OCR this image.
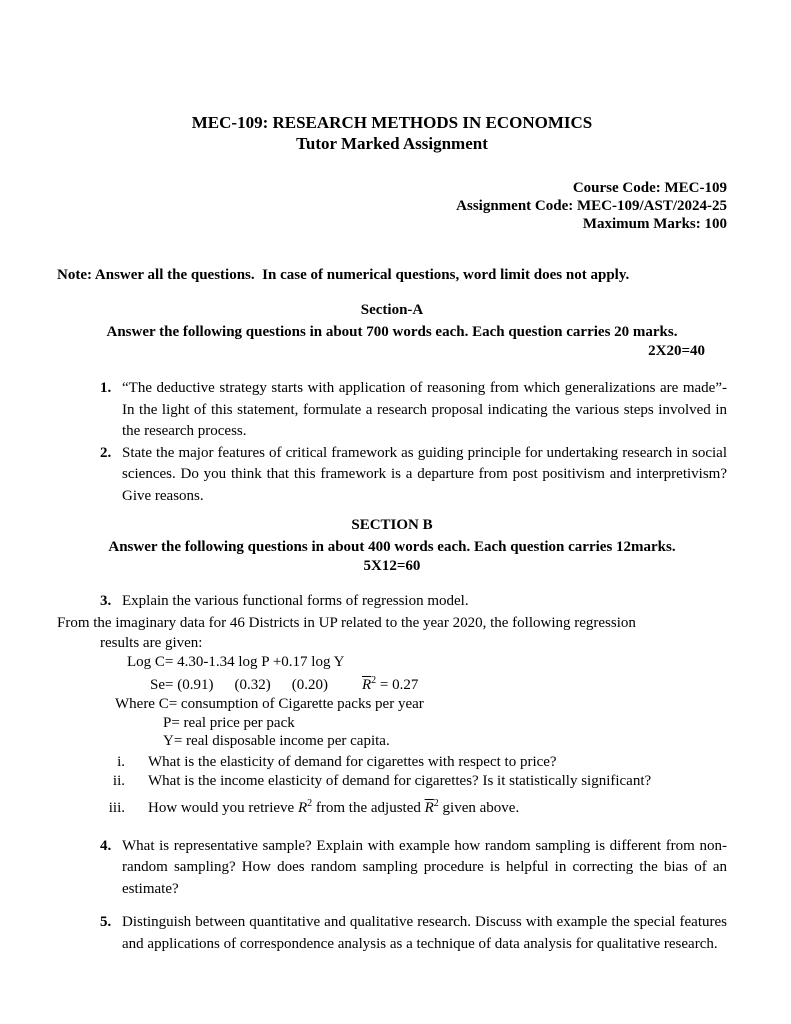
MEC-109: RESEARCH METHODS IN ECONOMICS
Tutor Marked Assignment
Course Code: MEC-109
Assignment Code: MEC-109/AST/2024-25
Maximum Marks: 100
Note: Answer all the questions.  In case of numerical questions, word limit does not apply.
Section-A
Answer the following questions in about 700 words each. Each question carries 20 marks.
2X20=40
1. “The deductive strategy starts with application of reasoning from which generalizations are made”- In the light of this statement, formulate a research proposal indicating the various steps involved in the research process.
2. State the major features of critical framework as guiding principle for undertaking research in social sciences. Do you think that this framework is a departure from post positivism and interpretivism? Give reasons.
SECTION B
Answer the following questions in about 400 words each. Each question carries 12marks.
5X12=60
3. Explain the various functional forms of regression model.
From the imaginary data for 46 Districts in UP related to the year 2020, the following regression
results are given:
Log C= 4.30-1.34 log P +0.17 log Y
Se= (0.91) (0.32) (0.20) $\overline{R}^2 = 0.27$
Where C= consumption of Cigarette packs per year
P= real price per pack
Y= real disposable income per capita.
i. What is the elasticity of demand for cigarettes with respect to price?
ii. What is the income elasticity of demand for cigarettes? Is it statistically significant?
iii. How would you retrieve $R^2$ from the adjusted $\overline{R}^2$ given above.
4. What is representative sample? Explain with example how random sampling is different from non-random sampling? How does random sampling procedure is helpful in correcting the bias of an estimate?
5. Distinguish between quantitative and qualitative research. Discuss with example the special features and applications of correspondence analysis as a technique of data analysis for qualitative research.
